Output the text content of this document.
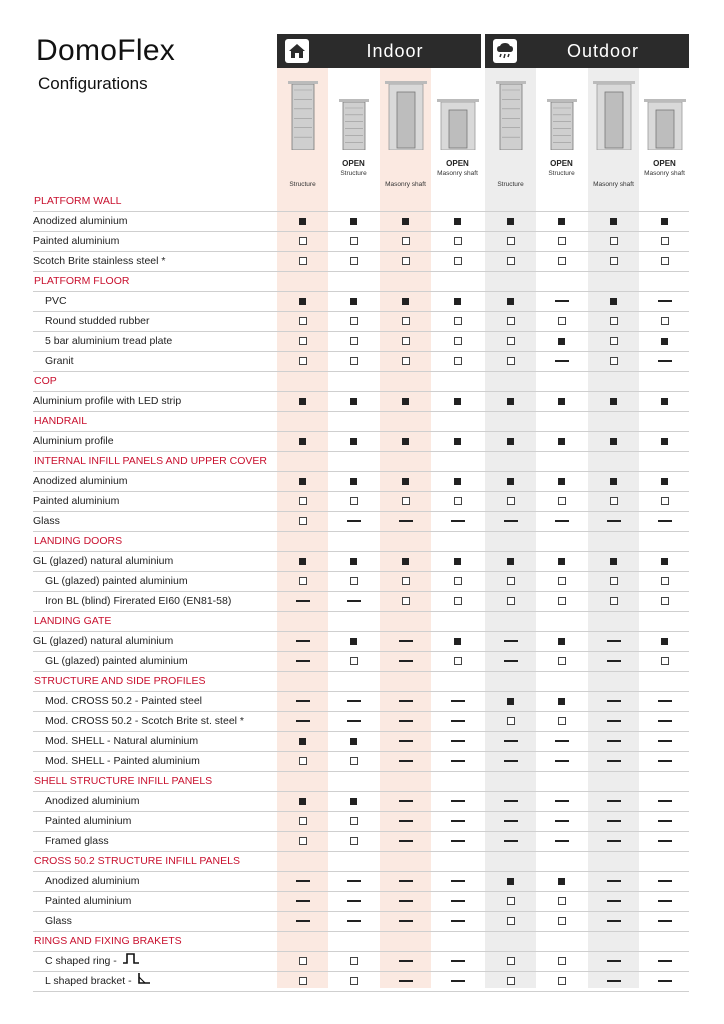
DomoFlex
Configurations
Indoor	Outdoor
Structure
OPEN
Structure
Masonry shaft
OPEN
Masonry shaft
Structure
OPEN
Structure
Masonry shaft
OPEN
Masonry shaft
PLATFORM WALL
Anodized aluminium
Painted aluminium
Scotch Brite stainless steel *
PLATFORM FLOOR
PVC
Round studded rubber
5 bar aluminium tread plate
Granit
COP
Aluminium profile with LED strip
HANDRAIL
Aluminium profile
INTERNAL INFILL PANELS AND UPPER COVER
Anodized aluminium
Painted aluminium
Glass
LANDING DOORS
GL (glazed) natural aluminium
GL (glazed) painted aluminium
Iron BL (blind) Firerated EI60 (EN81-58)
LANDING GATE
GL (glazed) natural aluminium
GL (glazed) painted aluminium
STRUCTURE AND SIDE PROFILES
Mod. CROSS 50.2 - Painted steel
Mod. CROSS 50.2 - Scotch Brite st. steel *
Mod. SHELL - Natural aluminium
Mod. SHELL - Painted aluminium
SHELL STRUCTURE INFILL PANELS
Anodized aluminium
Painted aluminium
Framed glass
CROSS 50.2 STRUCTURE INFILL PANELS
Anodized aluminium
Painted aluminium
Glass
RINGS AND FIXING BRAKETS
C shaped ring -
L shaped bracket -
